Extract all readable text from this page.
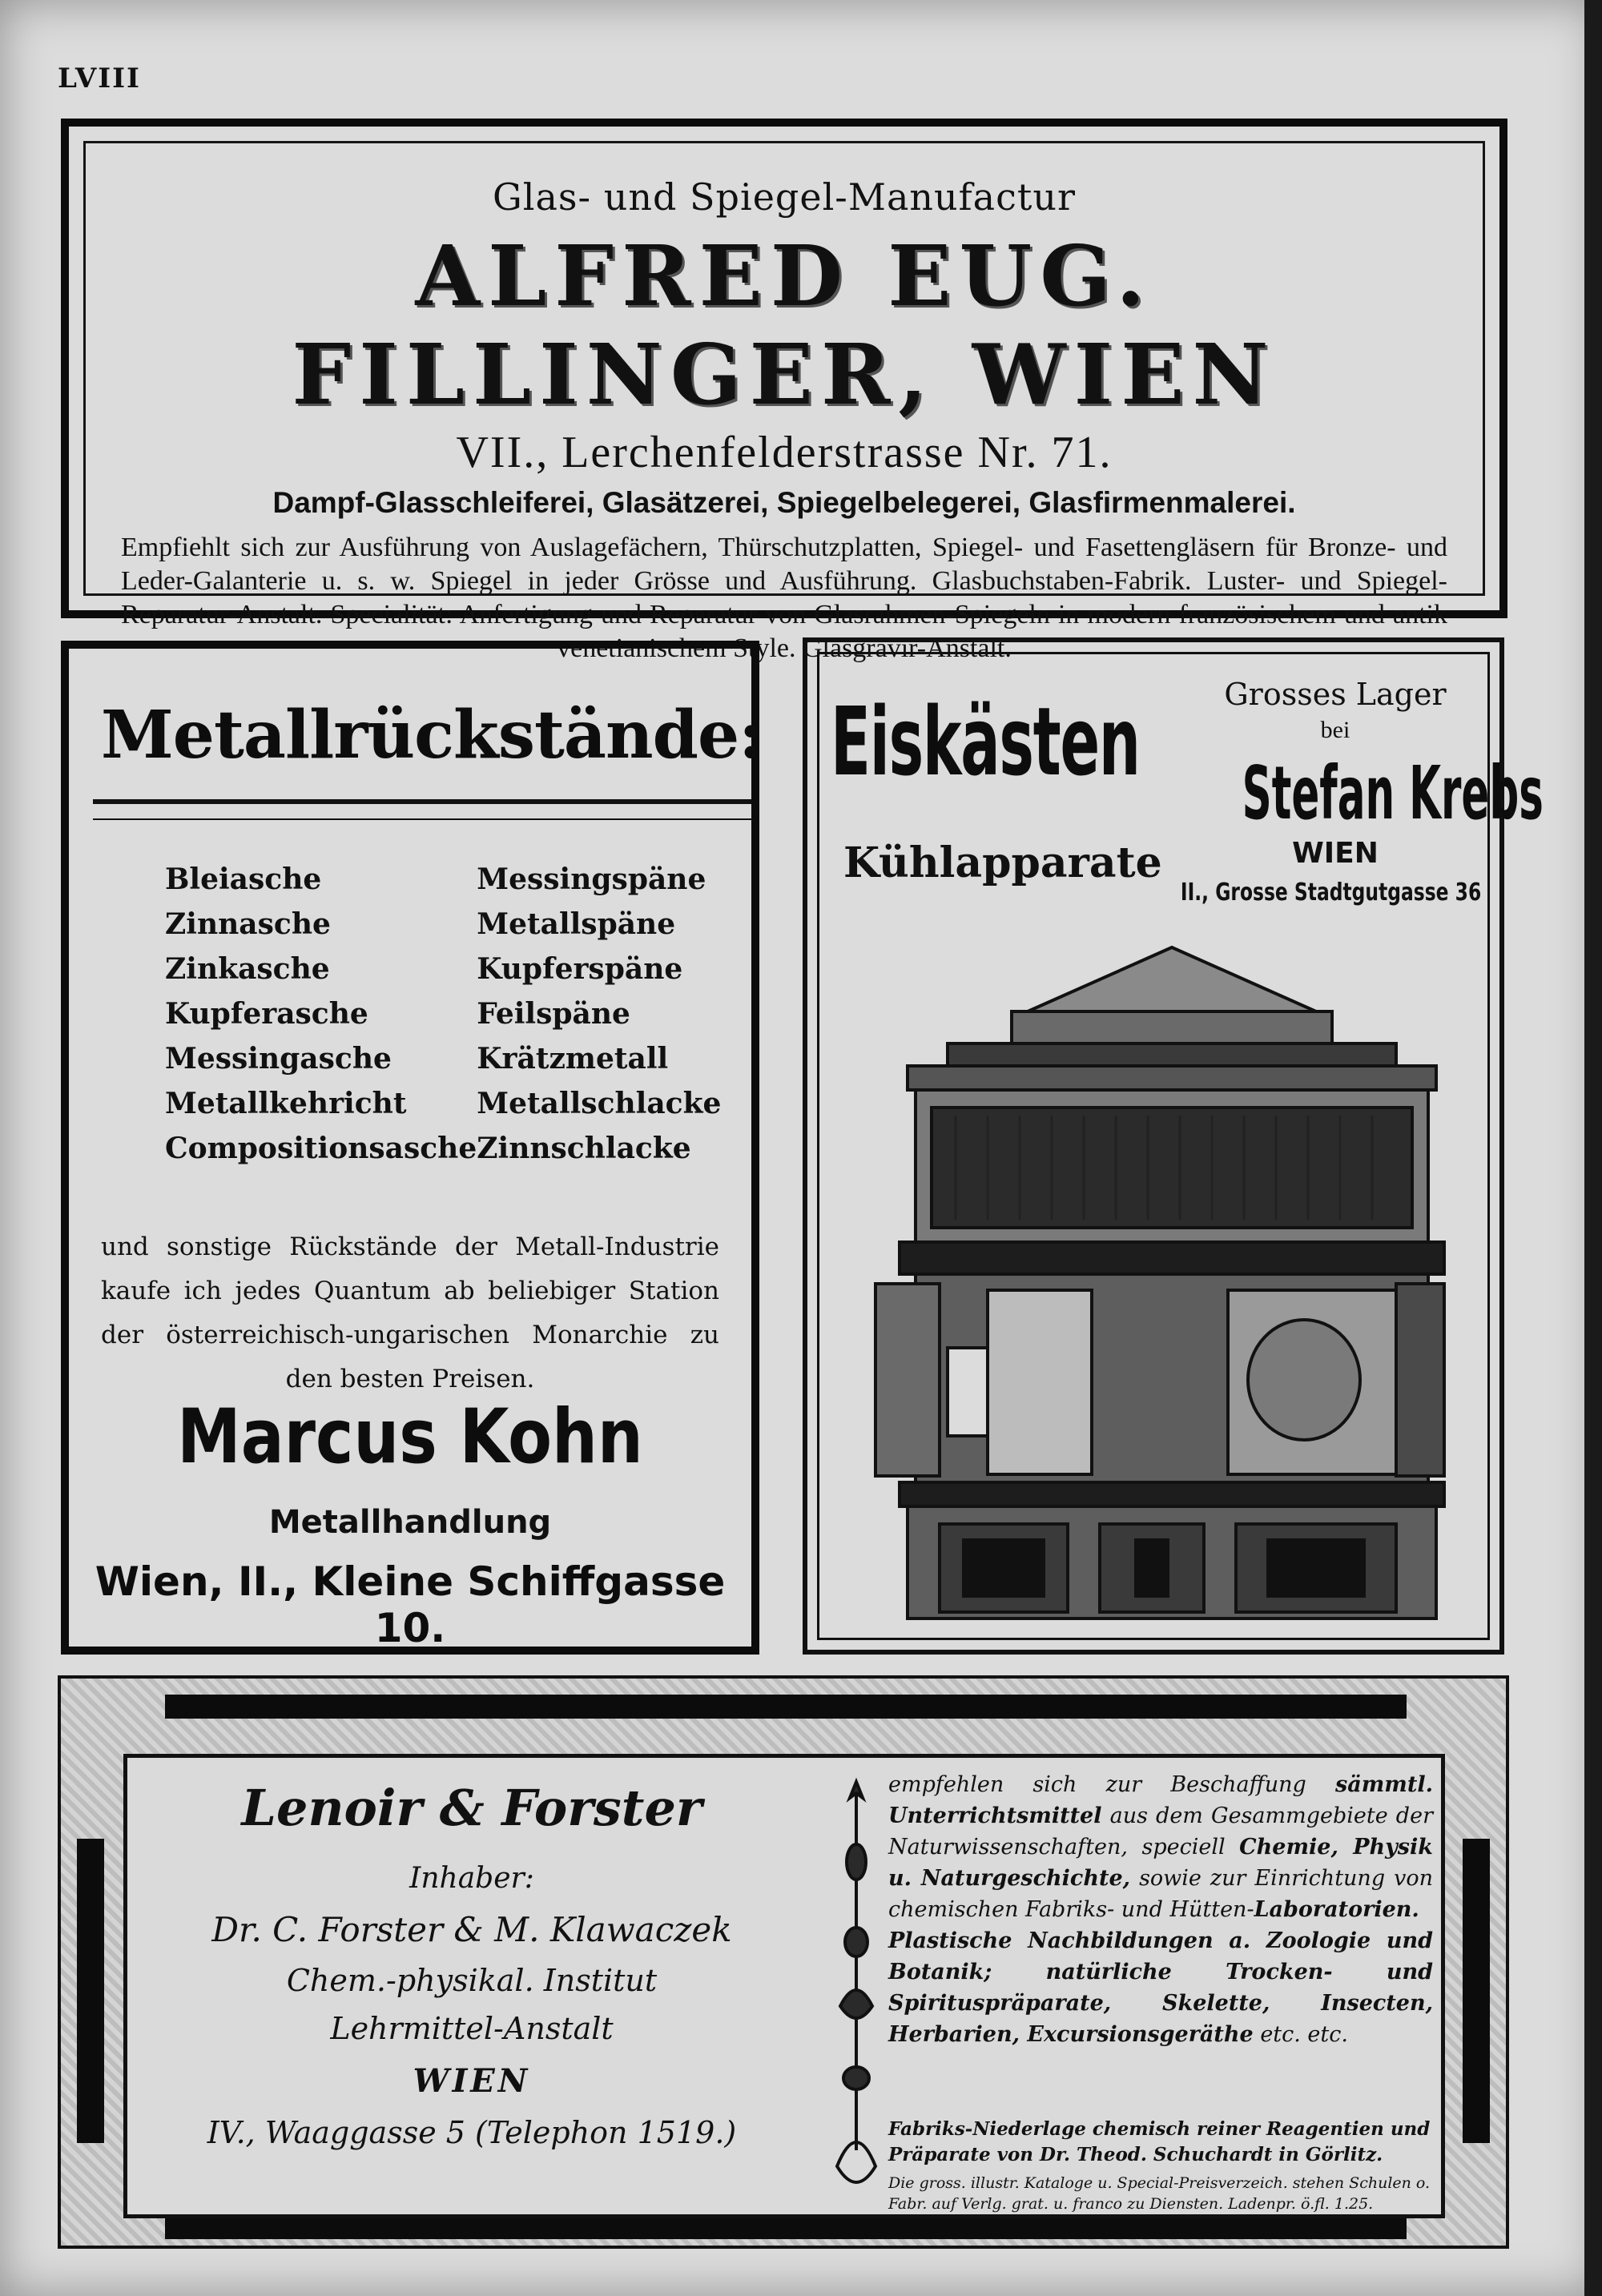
LVIII
Glas- und Spiegel-Manufactur
ALFRED EUG. FILLINGER, WIEN
VII., Lerchenfelderstrasse Nr. 71.
Dampf-Glasschleiferei, Glasätzerei, Spiegelbelegerei, Glasfirmenmalerei.
Empfiehlt sich zur Ausführung von Auslagefächern, Thürschutzplatten, Spiegel- und Fasettengläsern für Bronze- und Leder-Galanterie u. s. w. Spiegel in jeder Grösse und Ausführung. Glasbuchstaben-Fabrik. Luster- und Spiegel-Reparatur-Anstalt. Specialität: Anfertigung und Reparatur von Glasrahmen-Spiegeln in modern französischem und antik venetianischem Style. Glasgravir-Anstalt.
Metallrückstände:
Bleiasche	Messingspäne
Zinnasche	Metallspäne
Zinkasche	Kupferspäne
Kupferasche	Feilspäne
Messingasche	Krätzmetall
Metallkehricht	Metallschlacke
Compositionsasche Zinnschlacke
und sonstige Rückstände der Metall-Industrie kaufe ich jedes Quantum ab beliebiger Station der österreichisch-ungarischen Monarchie zu den besten Preisen.
Marcus Kohn
Metallhandlung
Wien, II., Kleine Schiffgasse 10.
Eiskästen
Kühlapparate
Grosses Lager
bei
Stefan Krebs
WIEN
II., Grosse Stadtgutgasse 36
Lenoir & Forster
Inhaber:
Dr. C. Forster & M. Klawaczek
Chem.-physikal. Institut
Lehrmittel-Anstalt
WIEN
IV., Waaggasse 5 (Telephon 1519.)
empfehlen sich zur Beschaffung sämmtl. Unterrichtsmittel aus dem Gesammgebiete der Naturwissenschaften, speciell Chemie, Physik u. Naturgeschichte, sowie zur Einrichtung von chemischen Fabriks- und Hütten-Laboratorien.
Plastische Nachbildungen a. Zoologie und Botanik; natürliche Trocken- und Spirituspräparate, Skelette, Insecten, Herbarien, Excursionsgeräthe etc. etc.
Fabriks-Niederlage chemisch reiner Reagentien und Präparate von Dr. Theod. Schuchardt in Görlitz.
Die gross. illustr. Kataloge u. Special-Preisverzeich. stehen Schulen o. Fabr. auf Verlg. grat. u. franco zu Diensten. Ladenpr. ö.fl. 1.25.
